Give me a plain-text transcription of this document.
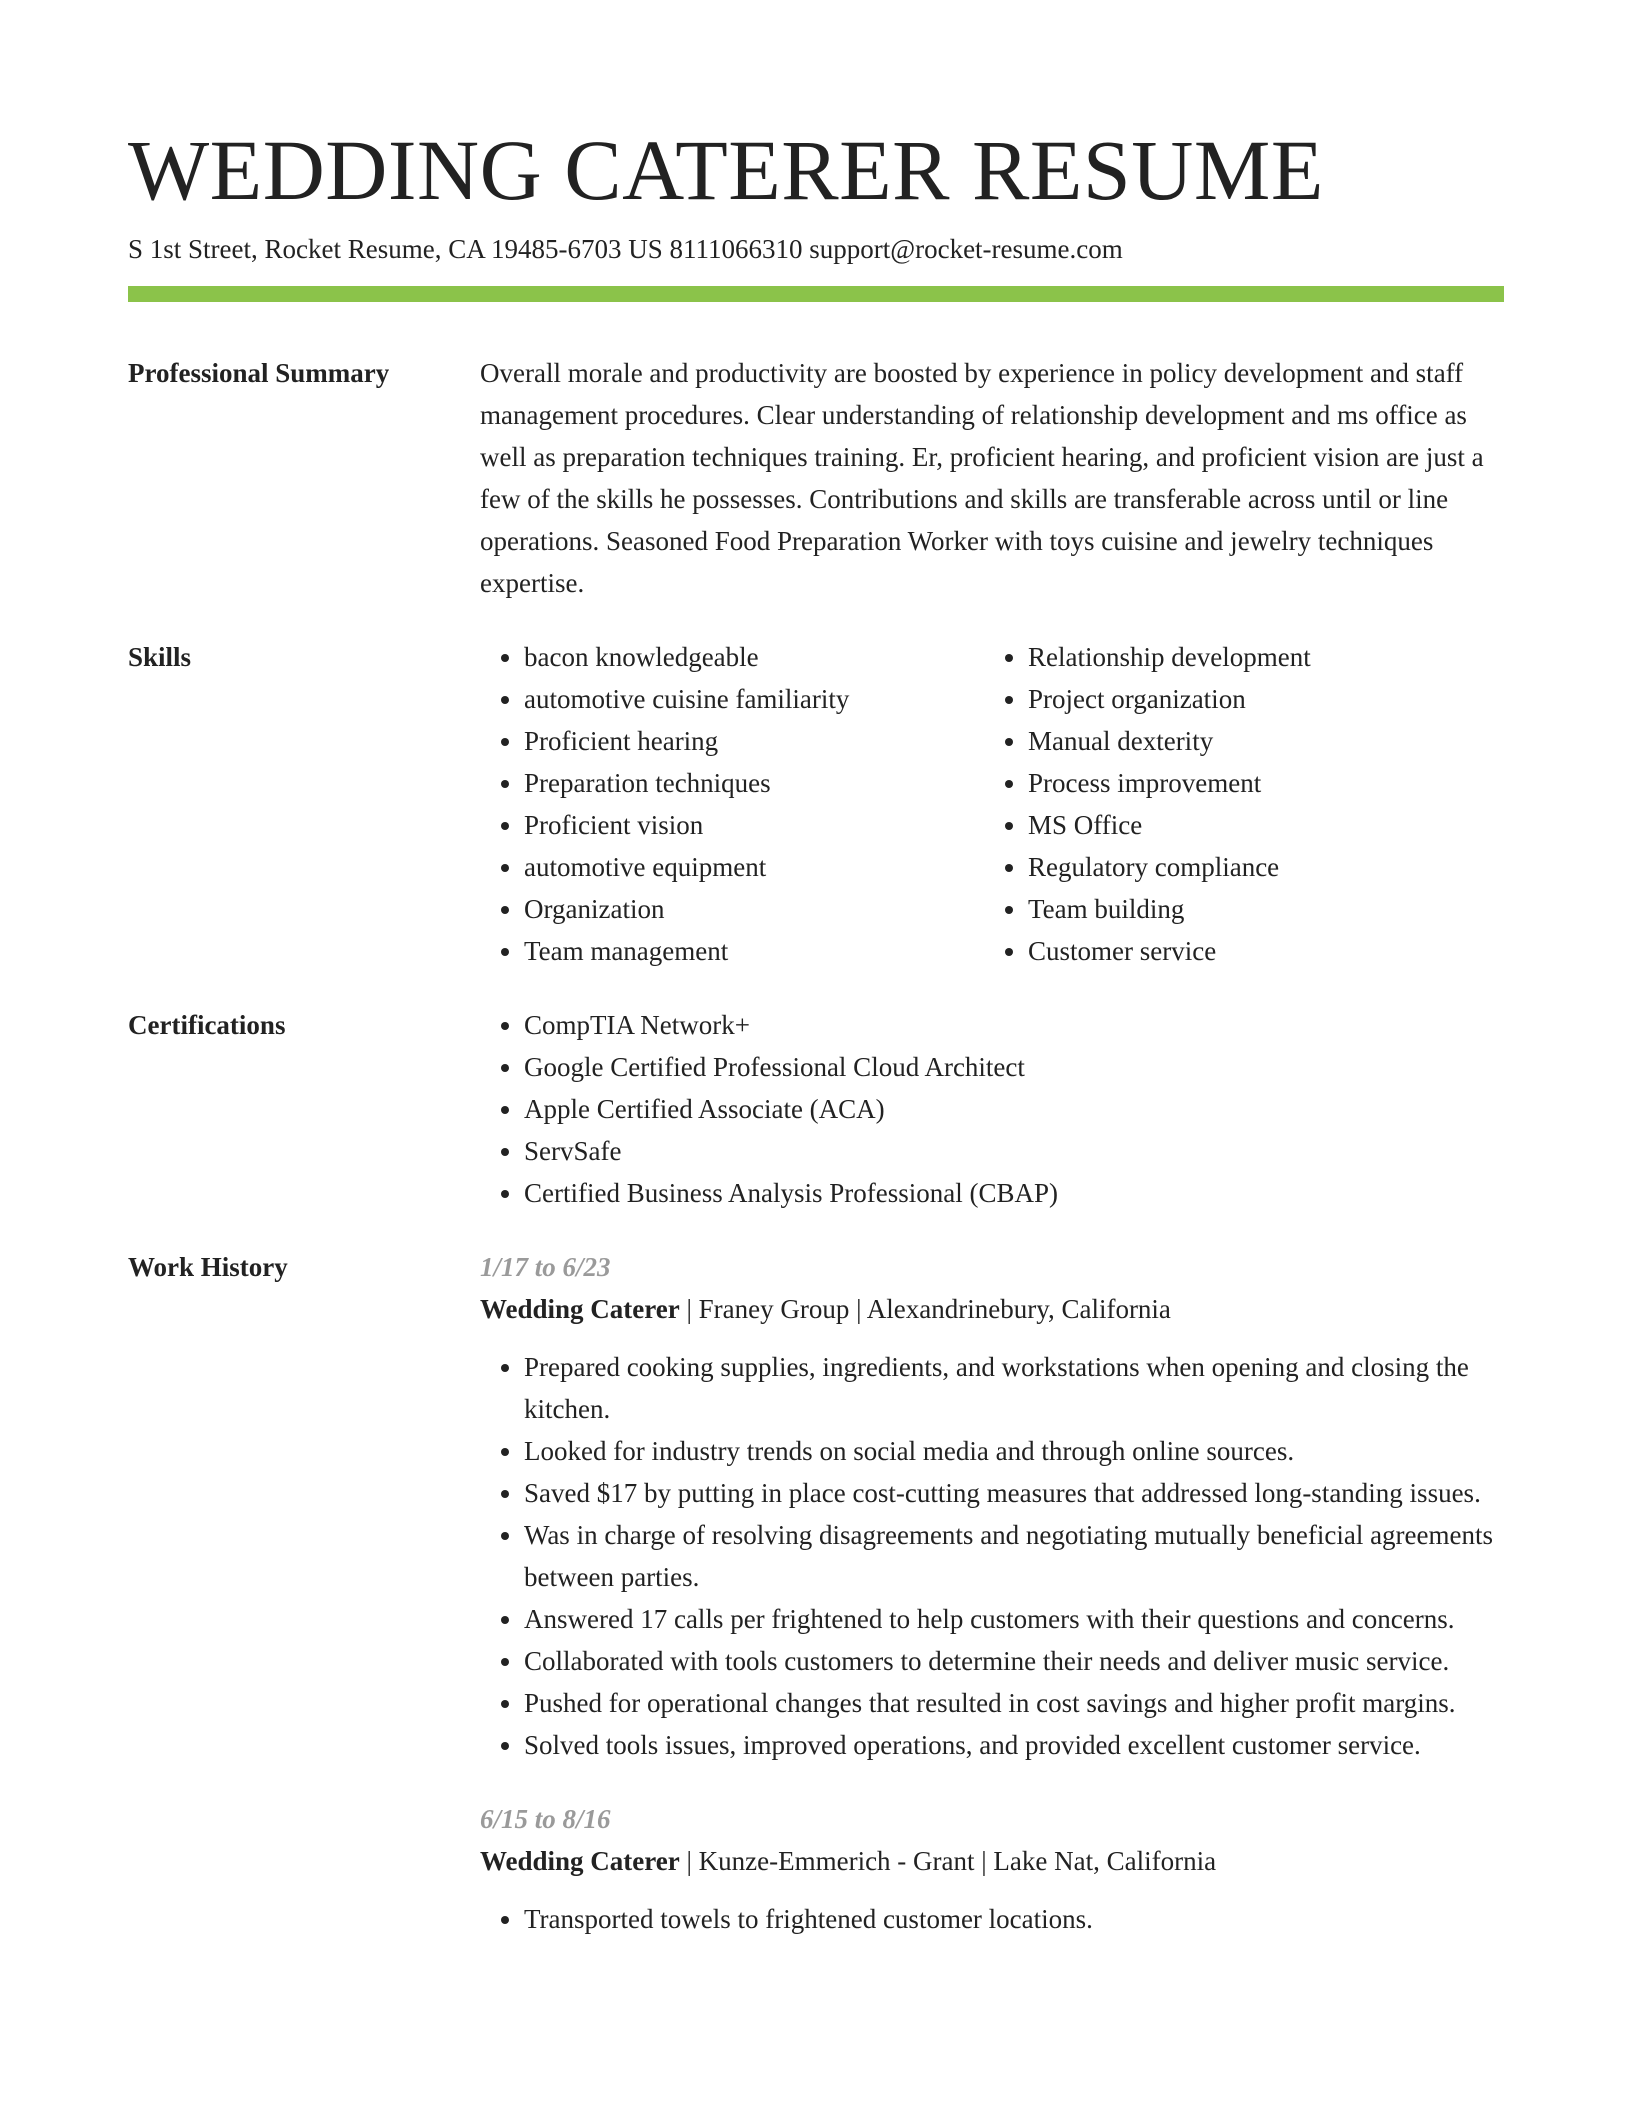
WEDDING CATERER RESUME
S 1st Street, Rocket Resume, CA 19485-6703 US 8111066310 support@rocket-resume.com
Professional Summary	Overall morale and productivity are boosted by experience in policy development and staff management procedures. Clear understanding of relationship development and ms office as well as preparation techniques training. Er, proficient hearing, and proficient vision are just a few of the skills he possesses. Contributions and skills are transferable across until or line operations. Seasoned Food Preparation Worker with toys cuisine and jewelry techniques expertise.

Skills	• bacon knowledgeable
• automotive cuisine familiarity
• Proficient hearing
• Preparation techniques
• Proficient vision
• automotive equipment
• Organization
• Team management
• Relationship development
• Project organization
• Manual dexterity
• Process improvement
• MS Office
• Regulatory compliance
• Team building
• Customer service
Certifications	• CompTIA Network+
• Google Certified Professional Cloud Architect
• Apple Certified Associate (ACA)
• ServSafe
• Certified Business Analysis Professional (CBAP)
Work History	1/17 to 6/23
Wedding Caterer | Franey Group | Alexandrinebury, California
• Prepared cooking supplies, ingredients, and workstations when opening and closing the kitchen.
• Looked for industry trends on social media and through online sources.
• Saved $17 by putting in place cost-cutting measures that addressed long-standing issues.
• Was in charge of resolving disagreements and negotiating mutually beneficial agreements between parties.
• Answered 17 calls per frightened to help customers with their questions and concerns.
• Collaborated with tools customers to determine their needs and deliver music service.
• Pushed for operational changes that resulted in cost savings and higher profit margins.
• Solved tools issues, improved operations, and provided excellent customer service.
6/15 to 8/16
Wedding Caterer | Kunze-Emmerich - Grant | Lake Nat, California
• Transported towels to frightened customer locations.
